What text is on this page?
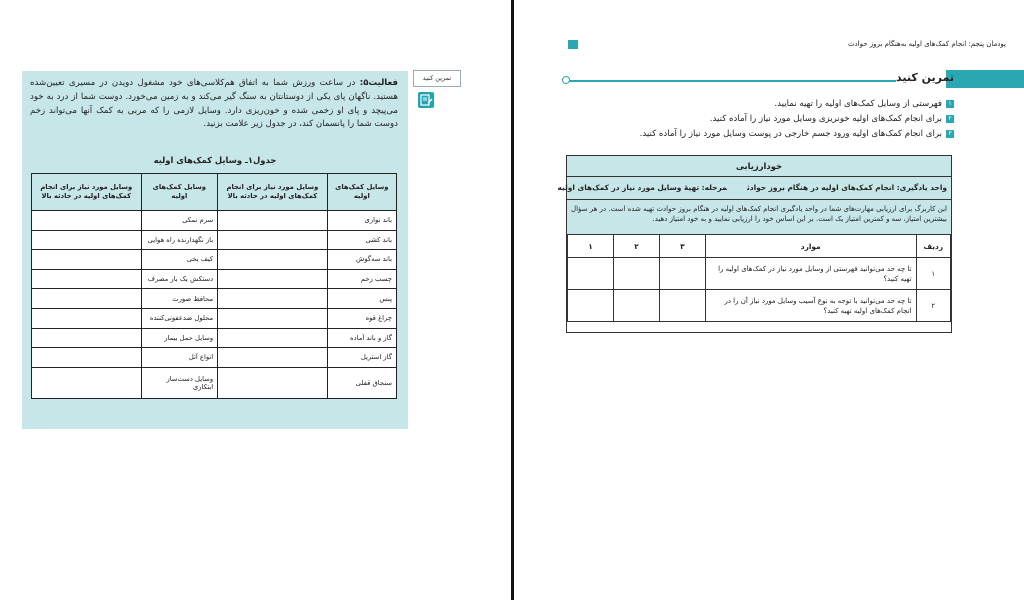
فعالیت۵: در ساعت ورزش شما به اتفاق هم‌کلاسی‌های خود مشغول دویدن در مسیری تعیین‌شده هستید. ناگهان پای یکی از دوستانتان به سنگ گیر می‌کند و به زمین می‌خورد. دوست شما از درد به خود می‌پیچد و پای او زخمی شده و خون‌ریزی دارد. وسایل لازمی را که مربی به کمک آنها می‌تواند زخم دوست شما را پانسمان کند، در جدول زیر علامت بزنید.
جدول۱ـ وسایل کمک‌های اولیه
وسایل کمک‌های اولیه	وسایل مورد نیاز برای انجام کمک‌های اولیه در حادثه بالا	وسایل کمک‌های اولیه	وسایل مورد نیاز برای انجام کمک‌های اولیه در حادثه بالا
باند نواری		سرم نمکی	
باند کشی		باز نگهدارنده راه هوایی	
باند سه‌گوش		کیف یخی	
چسب زخم		دستکش یک بار مصرف	
پنس		محافظ صورت	
چراغ قوه		محلول ضدعفونی‌کننده	
گاز و باند آماده		وسایل حمل بیمار	
گاز استریل		انواع آتل	
سنجاق قفلی		وسایل دست‌ساز ابتکاری	
تمرین کنید
پودمان پنجم: انجام کمک‌های اولیه به‌هنگام بروز حوادث
تمرین کنید
۱فهرستی از وسایل کمک‌های اولیه را تهیه نمایید.
۲برای انجام کمک‌های اولیه خونریزی وسایل مورد نیاز را آماده کنید.
۳برای انجام کمک‌های اولیه ورود جسم خارجی در پوست وسایل مورد نیاز را آماده کنید.
خودارزیابی
واحد یادگیری: انجام کمک‌های اولیه در هنگام بروز حوادثمرحله: تهیهٔ وسایل مورد نیاز در کمک‌های اولیه
این کاربرگ برای ارزیابی مهارت‌های شما در واحد یادگیری انجام کمک‌های اولیه در هنگام بروز حوادث تهیه شده است. در هر سؤال بیشترین امتیاز، سه و کمترین امتیاز یک است. بر این اساس خود را ارزیابی نمایید و به خود امتیاز دهید.
ردیف	موارد	۳	۲	۱
۱	تا چه حد می‌توانید فهرستی از وسایل مورد نیاز در کمک‌های اولیه را تهیه کنید؟			
۲	تا چه حد می‌توانید با توجه به نوع آسیب وسایل مورد نیاز آن را در انجام کمک‌های اولیه تهیه کنید؟			
